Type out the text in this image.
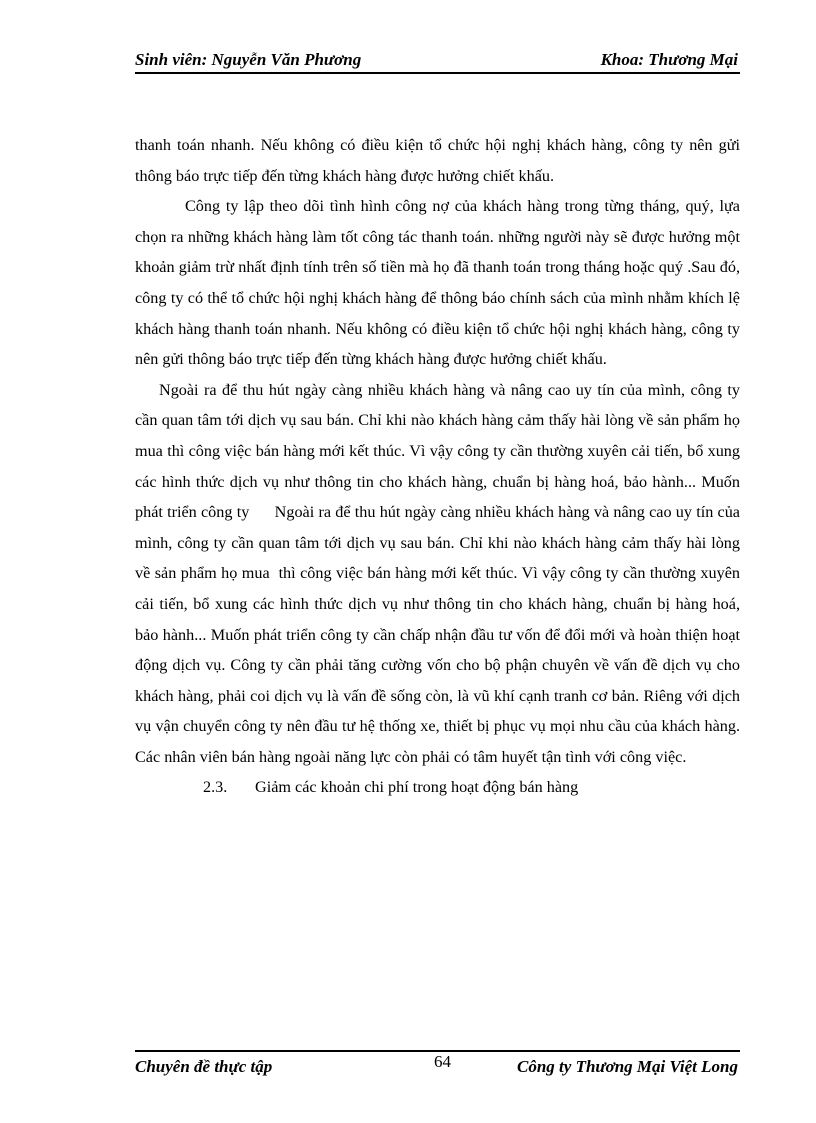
Sinh viên: Nguyễn Văn Phương	Khoa: Thương Mại

thanh toán nhanh. Nếu không có điều kiện tổ chức hội nghị khách hàng, công ty nên gửi thông báo trực tiếp đến từng khách hàng được hưởng chiết khấu.

Công ty lập theo dõi tình hình công nợ của khách hàng trong từng tháng, quý, lựa chọn ra những khách hàng làm tốt công tác thanh toán. những người này sẽ được hưởng một khoản giảm trừ nhất định tính trên số tiền mà họ đã thanh toán trong tháng hoặc quý .Sau đó, công ty có thể tổ chức hội nghị khách hàng để thông báo chính sách của mình nhằm khích lệ khách hàng thanh toán nhanh. Nếu không có điều kiện tổ chức hội nghị khách hàng, công ty nên gửi thông báo trực tiếp đến từng khách hàng được hưởng chiết khấu.

Ngoài ra để thu hút ngày càng nhiều khách hàng và nâng cao uy tín của mình, công ty cần quan tâm tới dịch vụ sau bán. Chỉ khi nào khách hàng cảm thấy hài lòng về sản phẩm họ mua thì công việc bán hàng mới kết thúc. Vì vậy công ty cần thường xuyên cải tiến, bổ xung các hình thức dịch vụ như thông tin cho khách hàng, chuẩn bị hàng hoá, bảo hành... Muốn phát triển công ty      Ngoài ra để thu hút ngày càng nhiều khách hàng và nâng cao uy tín của mình, công ty cần quan tâm tới dịch vụ sau bán. Chỉ khi nào khách hàng cảm thấy hài lòng về sản phẩm họ mua  thì công việc bán hàng mới kết thúc. Vì vậy công ty cần thường xuyên cải tiến, bổ xung các hình thức dịch vụ như thông tin cho khách hàng, chuẩn bị hàng hoá, bảo hành... Muốn phát triển công ty cần chấp nhận đầu tư vốn để đổi mới và hoàn thiện hoạt động dịch vụ. Công ty cần phải tăng cường vốn cho bộ phận chuyên về vấn đề dịch vụ cho khách hàng, phải coi dịch vụ là vấn đề sống còn, là vũ khí cạnh tranh cơ bản. Riêng với dịch vụ vận chuyển công ty nên đầu tư hệ thống xe, thiết bị phục vụ mọi nhu cầu của khách hàng. Các nhân viên bán hàng ngoài năng lực còn phải có tâm huyết tận tình với công việc.

2.3. Giảm các khoản chi phí trong hoạt động bán hàng

Chuyên đề thực tập	64	Công ty Thương Mại Việt Long
